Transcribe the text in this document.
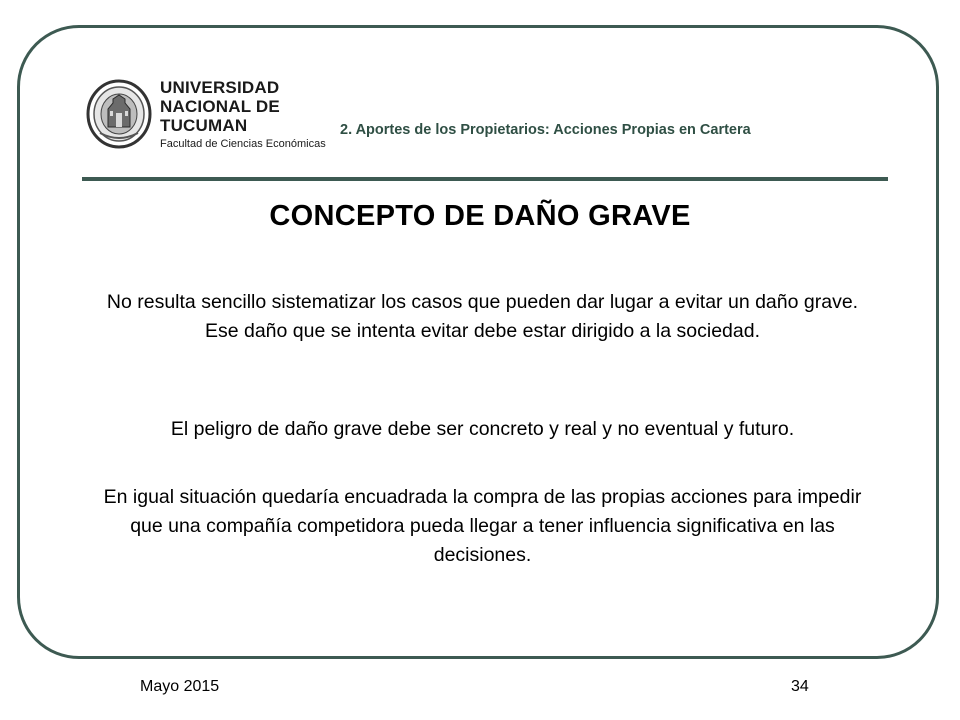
UNIVERSIDAD
NACIONAL DE
TUCUMAN
Facultad de Ciencias Económicas
2. Aportes de los Propietarios: Acciones Propias en Cartera
CONCEPTO DE DAÑO GRAVE
No resulta sencillo sistematizar los casos que pueden dar lugar a evitar un daño grave. Ese daño que se intenta evitar debe estar dirigido a la sociedad.
El peligro de daño grave debe ser concreto y real y no eventual y futuro.
En igual situación quedaría encuadrada la compra de las propias acciones para impedir que una compañía competidora pueda llegar a tener influencia significativa en las decisiones.
Mayo 2015	34
